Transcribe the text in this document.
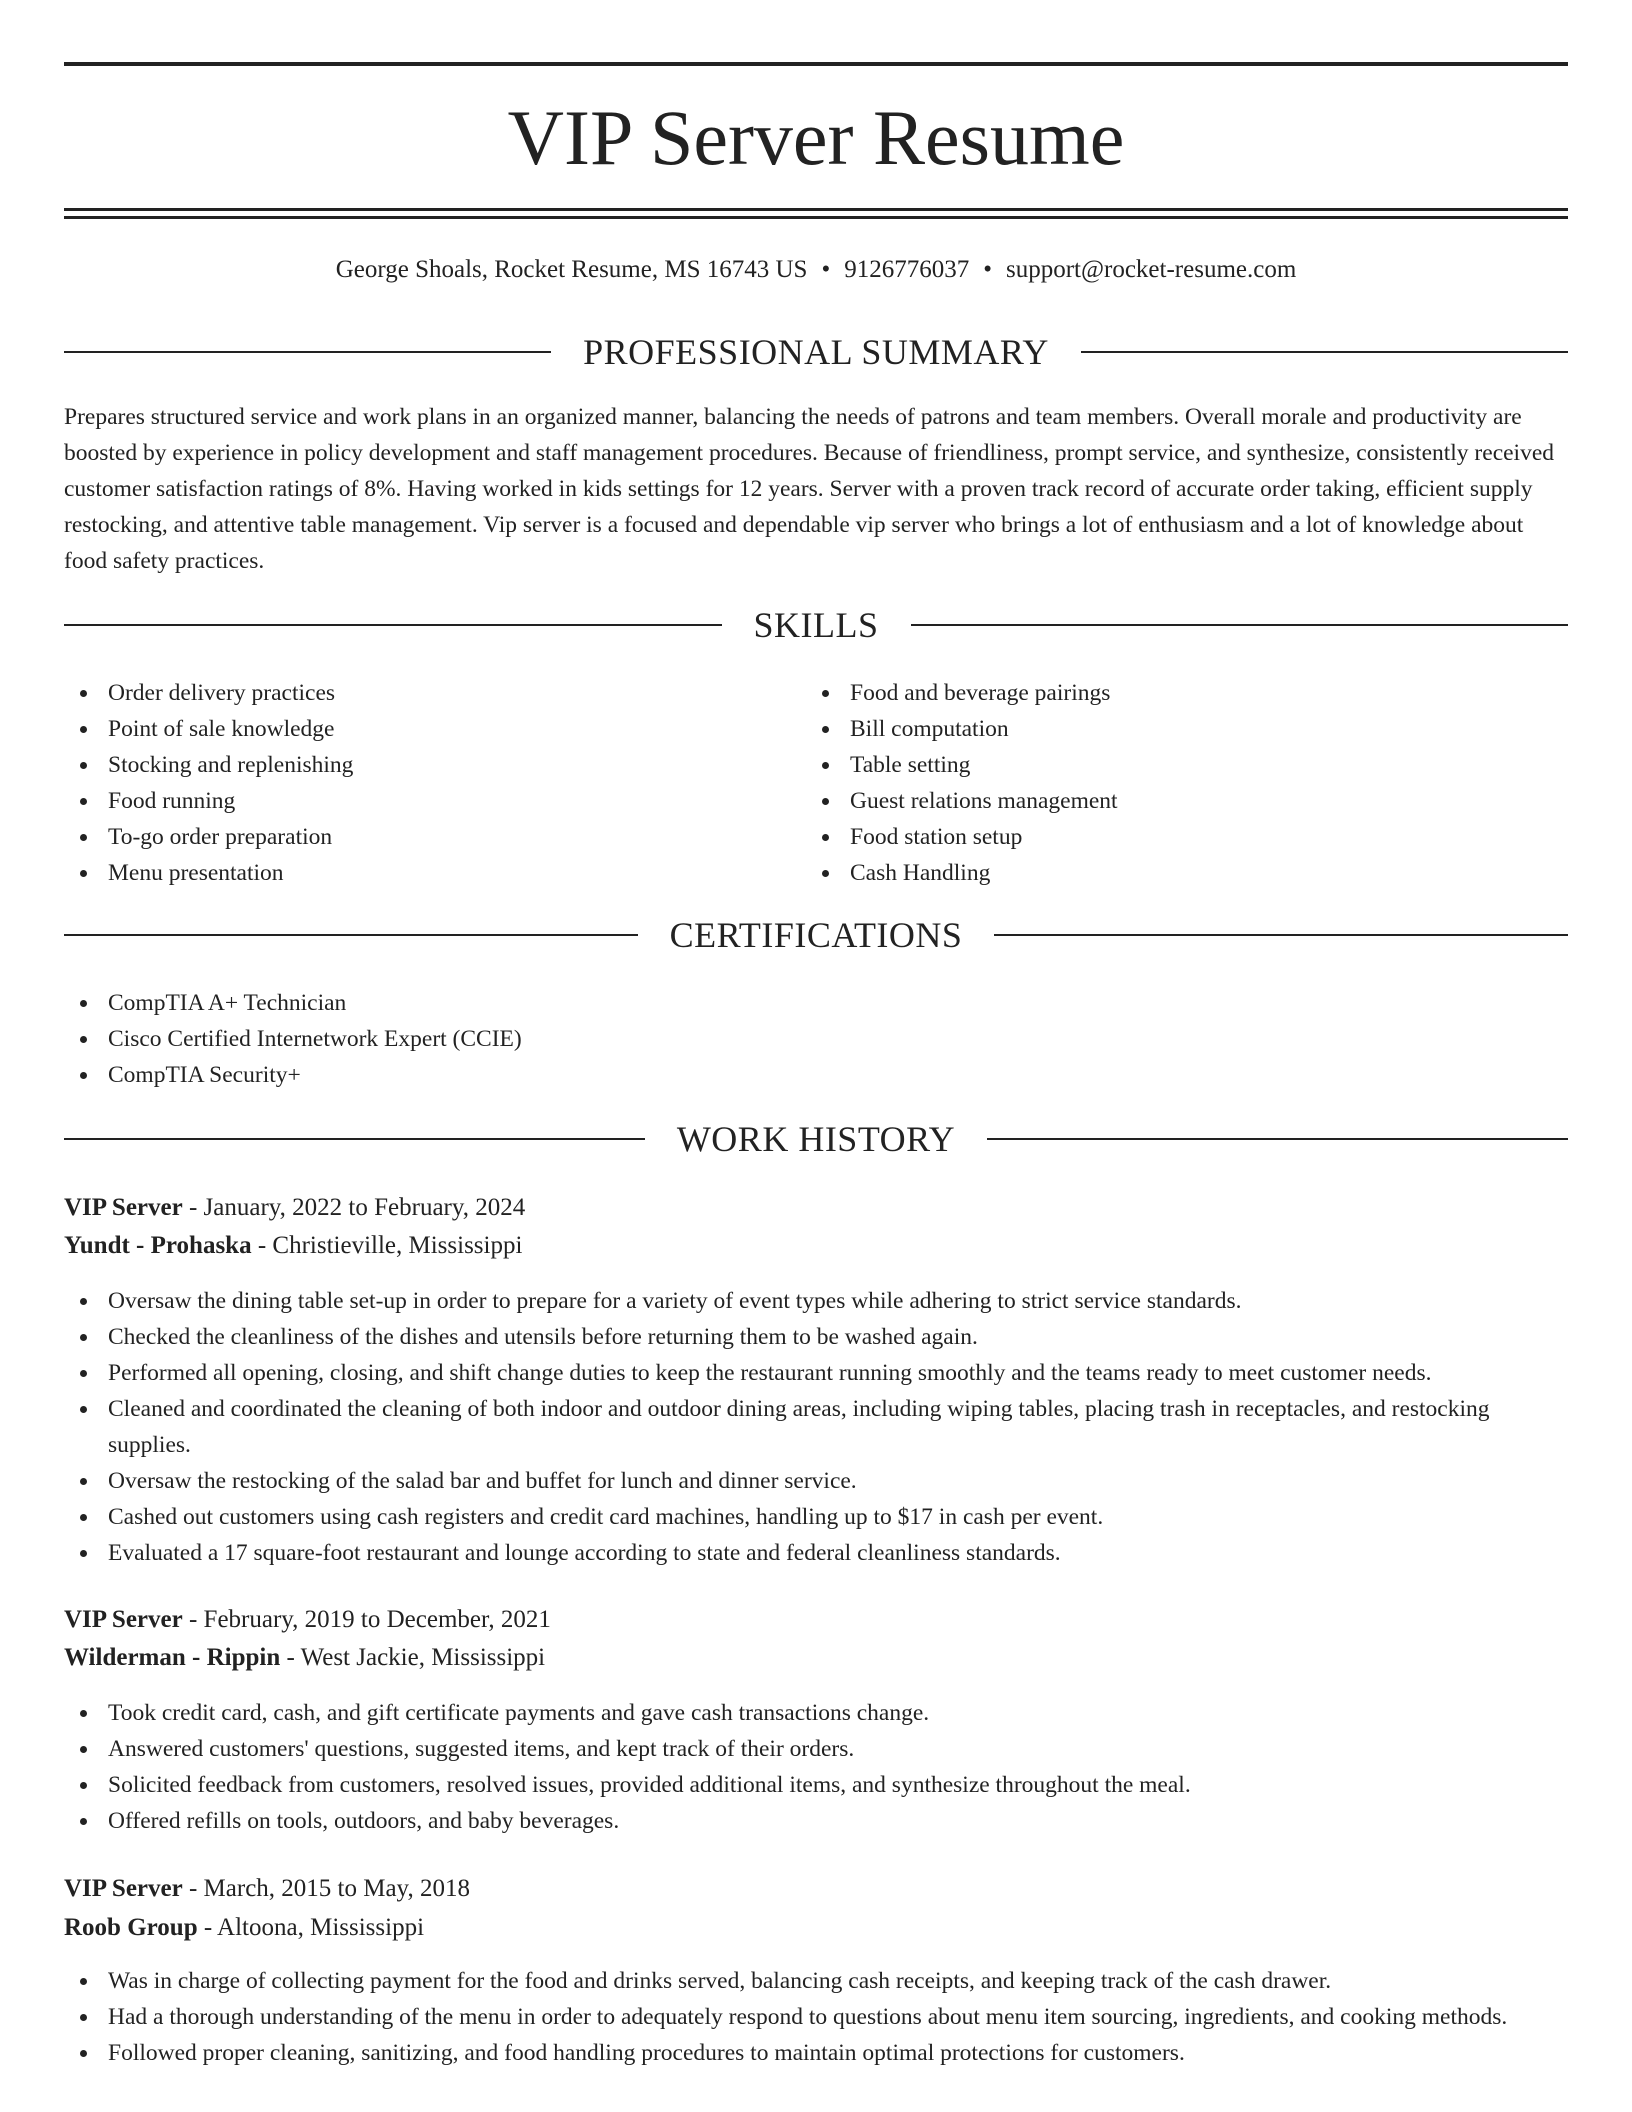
VIP Server Resume
George Shoals, Rocket Resume, MS 16743 US • 9126776037 • support@rocket-resume.com
PROFESSIONAL SUMMARY

Prepares structured service and work plans in an organized manner, balancing the needs of patrons and team members. Overall morale and productivity are boosted by experience in policy development and staff management procedures. Because of friendliness, prompt service, and synthesize, consistently received customer satisfaction ratings of 8%. Having worked in kids settings for 12 years. Server with a proven track record of accurate order taking, efficient supply restocking, and attentive table management. Vip server is a focused and dependable vip server who brings a lot of enthusiasm and a lot of knowledge about food safety practices.

SKILLS
Order delivery practices
Point of sale knowledge
Stocking and replenishing
Food running
To-go order preparation
Menu presentation
Food and beverage pairings
Bill computation
Table setting
Guest relations management
Food station setup
Cash Handling
CERTIFICATIONS
CompTIA A+ Technician
Cisco Certified Internetwork Expert (CCIE)
CompTIA Security+
WORK HISTORY
VIP Server - January, 2022 to February, 2024
Yundt - Prohaska - Christieville, Mississippi
Oversaw the dining table set-up in order to prepare for a variety of event types while adhering to strict service standards.
Checked the cleanliness of the dishes and utensils before returning them to be washed again.
Performed all opening, closing, and shift change duties to keep the restaurant running smoothly and the teams ready to meet customer needs.
Cleaned and coordinated the cleaning of both indoor and outdoor dining areas, including wiping tables, placing trash in receptacles, and restocking supplies.
Oversaw the restocking of the salad bar and buffet for lunch and dinner service.
Cashed out customers using cash registers and credit card machines, handling up to $17 in cash per event.
Evaluated a 17 square-foot restaurant and lounge according to state and federal cleanliness standards.
VIP Server - February, 2019 to December, 2021
Wilderman - Rippin - West Jackie, Mississippi
Took credit card, cash, and gift certificate payments and gave cash transactions change.
Answered customers' questions, suggested items, and kept track of their orders.
Solicited feedback from customers, resolved issues, provided additional items, and synthesize throughout the meal.
Offered refills on tools, outdoors, and baby beverages.
VIP Server - March, 2015 to May, 2018
Roob Group - Altoona, Mississippi
Was in charge of collecting payment for the food and drinks served, balancing cash receipts, and keeping track of the cash drawer.
Had a thorough understanding of the menu in order to adequately respond to questions about menu item sourcing, ingredients, and cooking methods.
Followed proper cleaning, sanitizing, and food handling procedures to maintain optimal protections for customers.
